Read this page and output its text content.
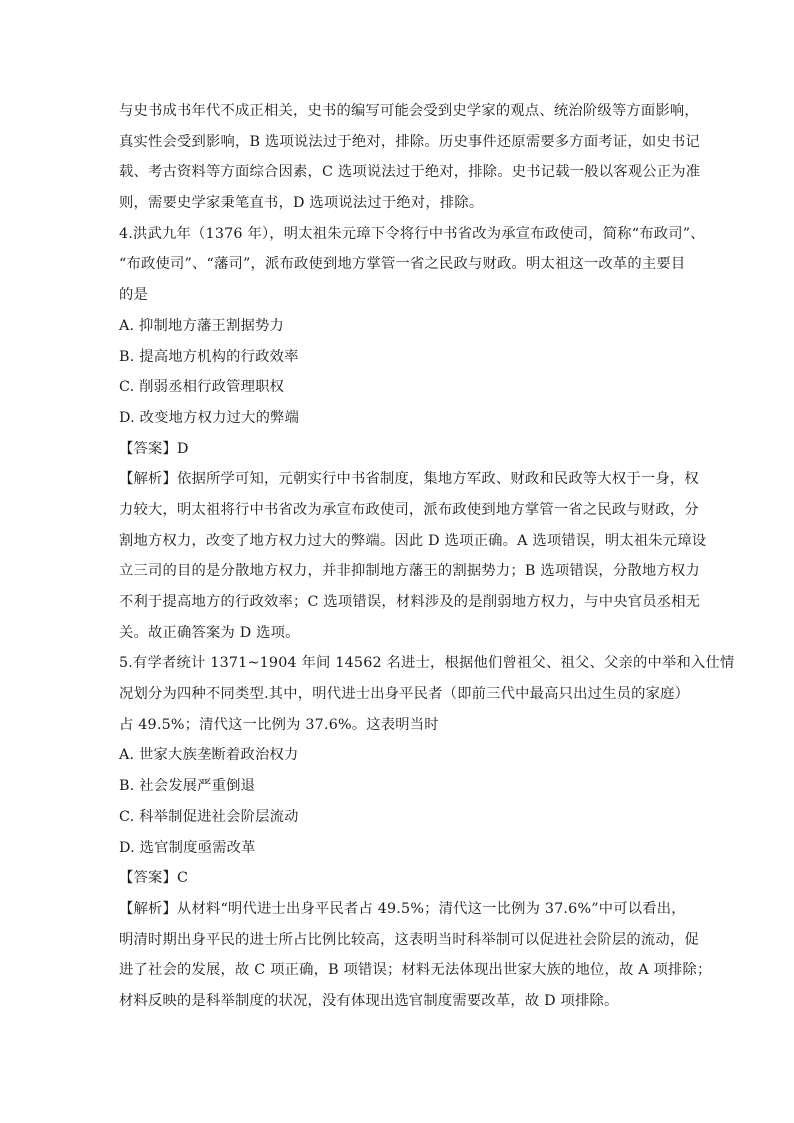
与史书成书年代不成正相关，史书的编写可能会受到史学家的观点、统治阶级等方面影响，
真实性会受到影响，B 选项说法过于绝对，排除。历史事件还原需要多方面考证，如史书记
载、考古资料等方面综合因素，C 选项说法过于绝对，排除。史书记载一般以客观公正为准
则，需要史学家秉笔直书，D 选项说法过于绝对，排除。
4.洪武九年（1376 年），明太祖朱元璋下令将行中书省改为承宣布政使司，简称“布政司”、
“布政使司”、“藩司”，派布政使到地方掌管一省之民政与财政。明太祖这一改革的主要目
的是
A. 抑制地方藩王割据势力
B. 提高地方机构的行政效率
C. 削弱丞相行政管理职权
D. 改变地方权力过大的弊端
【答案】D
【解析】依据所学可知，元朝实行中书省制度，集地方军政、财政和民政等大权于一身，权
力较大，明太祖将行中书省改为承宣布政使司，派布政使到地方掌管一省之民政与财政，分
割地方权力，改变了地方权力过大的弊端。因此 D 选项正确。A 选项错误，明太祖朱元璋设
立三司的目的是分散地方权力，并非抑制地方藩王的割据势力；B 选项错误，分散地方权力
不利于提高地方的行政效率；C 选项错误，材料涉及的是削弱地方权力，与中央官员丞相无
关。故正确答案为 D 选项。
5.有学者统计 1371~1904 年间 14562 名进士，根据他们曾祖父、祖父、父亲的中举和入仕情
况划分为四种不同类型.其中，明代进士出身平民者（即前三代中最高只出过生员的家庭）
占 49.5%；清代这一比例为 37.6%。这表明当时
A. 世家大族垄断着政治权力
B. 社会发展严重倒退
C. 科举制促进社会阶层流动
D. 选官制度亟需改革
【答案】C
【解析】从材料“明代进士出身平民者占 49.5%；清代这一比例为 37.6%”中可以看出，
明清时期出身平民的进士所占比例比较高，这表明当时科举制可以促进社会阶层的流动，促
进了社会的发展，故 C 项正确，B 项错误；材料无法体现出世家大族的地位，故 A 项排除；
材料反映的是科举制度的状况，没有体现出选官制度需要改革，故 D 项排除。
